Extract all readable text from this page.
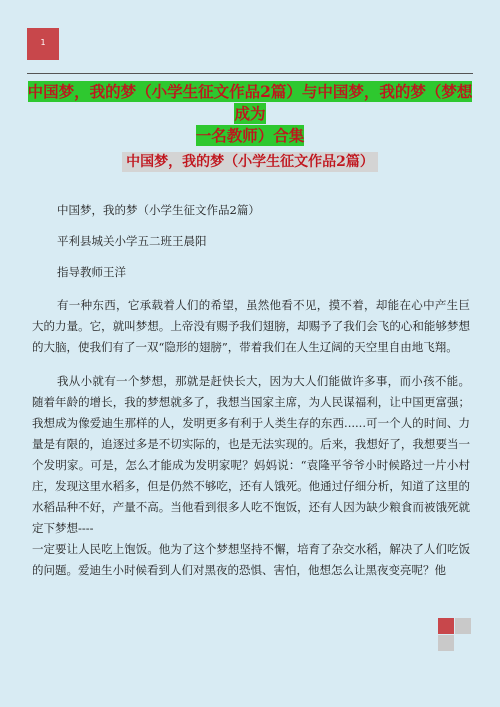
1
中国梦，我的梦（小学生征文作品2篇）与中国梦，我的梦（梦想成为
一名教师）合集
中国梦，我的梦（小学生征文作品2篇）

中国梦，我的梦（小学生征文作品2篇）

平利县城关小学五二班王晨阳

指导教师王洋

有一种东西，它承载着人们的希望，虽然他看不见，摸不着，却能在心中产生巨大的力量。它，就叫梦想。上帝没有赐予我们翅膀，却赐予了我们会飞的心和能够梦想的大脑，使我们有了一双“隐形的翅膀”，带着我们在人生辽阔的天空里自由地飞翔。

我从小就有一个梦想，那就是赶快长大，因为大人们能做许多事，而小孩不能。随着年龄的增长，我的梦想就多了，我想当国家主席，为人民谋福利，让中国更富强；我想成为像爱迪生那样的人，发明更多有利于人类生存的东西......可一个人的时间、力量是有限的，追逐过多是不切实际的，也是无法实现的。后来，我想好了，我想要当一个发明家。可是，怎么才能成为发明家呢？妈妈说：“袁隆平爷爷小时候路过一片小村庄，发现这里水稻多，但是仍然不够吃，还有人饿死。他通过仔细分析，知道了这里的水稻品种不好，产量不高。当他看到很多人吃不饱饭，还有人因为缺少粮食而被饿死就定下梦想----

一定要让人民吃上饱饭。他为了这个梦想坚持不懈，培育了杂交水稻，解决了人们吃饭的问题。爱迪生小时候看到人们对黑夜的恐惧、害怕，他想怎么让黑夜变亮呢？他
